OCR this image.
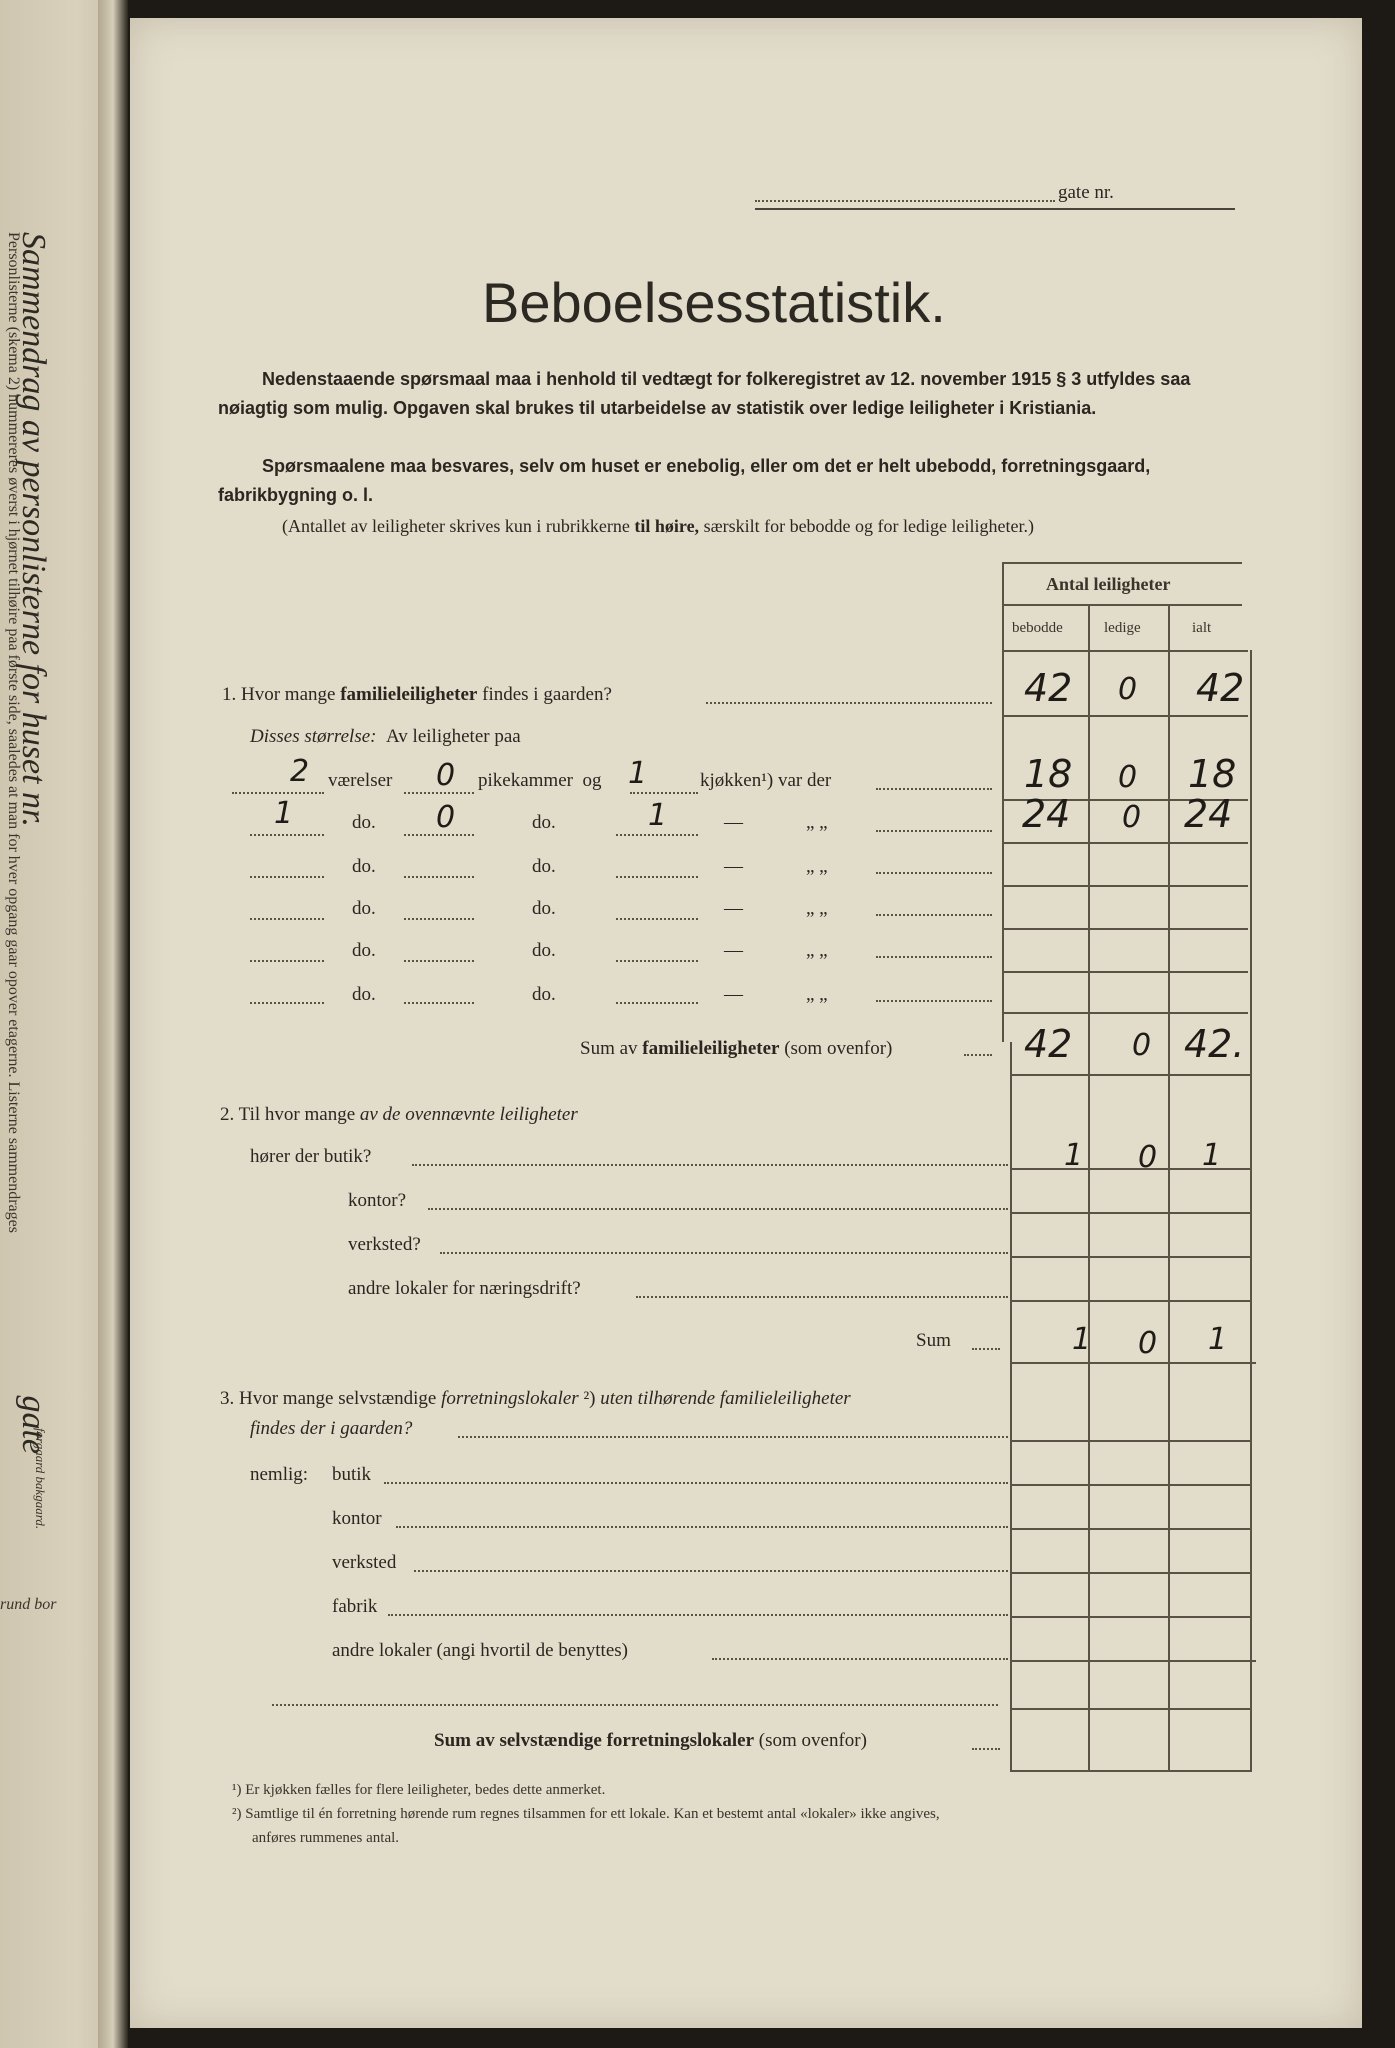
Sammendrag av personlisterne for huset nr. gate
Personlisterne (skema 2) nummereres øverst i hjørnet tilhøire paa første side, saaledes at man for hver opgang gaar opover etagerne. Listerne sammendrages
forgaard bakgaard.
rund bor
gate nr.
Beboelsesstatistik.
Nedenstaaende spørsmaal maa i henhold til vedtægt for folkeregistret av 12. november 1915 § 3 utfyldes saa nøiagtig som mulig. Opgaven skal brukes til utarbeidelse av statistik over ledige leiligheter i Kristiania.
Spørsmaalene maa besvares, selv om huset er enebolig, eller om det er helt ubebodd, forretningsgaard, fabrikbygning o. l.
(Antallet av leiligheter skrives kun i rubrikkerne til høire, særskilt for bebodde og for ledige leiligheter.)
Antal leiligheter
bebodde	ledige	ialt
1. Hvor mange familieleiligheter findes i gaarden?	42 0 42
Disses størrelse: Av leiligheter paa
2 værelser 0 pikekammer og 1	kjøkken¹) var der	18 0 18
1	do. 0	do.	1	—	„ „	24 0 24
do.	do.	—	„ „
do.	do.	—	„ „
do.	do.	—	„ „
do.	do.	—	„ „
Sum av familieleiligheter (som ovenfor)	42 0 42.
2. Til hvor mange av de ovennævnte leiligheter
hører der butik?	1 0 1
kontor?
verksted?
andre lokaler for næringsdrift?
Sum	1 0 1
3. Hvor mange selvstændige forretningslokaler ²) uten tilhørende familieleiligheter
findes der i gaarden?
nemlig: butik
kontor
verksted
fabrik
andre lokaler (angi hvortil de benyttes)
Sum av selvstændige forretningslokaler (som ovenfor)
¹) Er kjøkken fælles for flere leiligheter, bedes dette anmerket.
²) Samtlige til én forretning hørende rum regnes tilsammen for ett lokale. Kan et bestemt antal «lokaler» ikke angives,
anføres rummenes antal.
